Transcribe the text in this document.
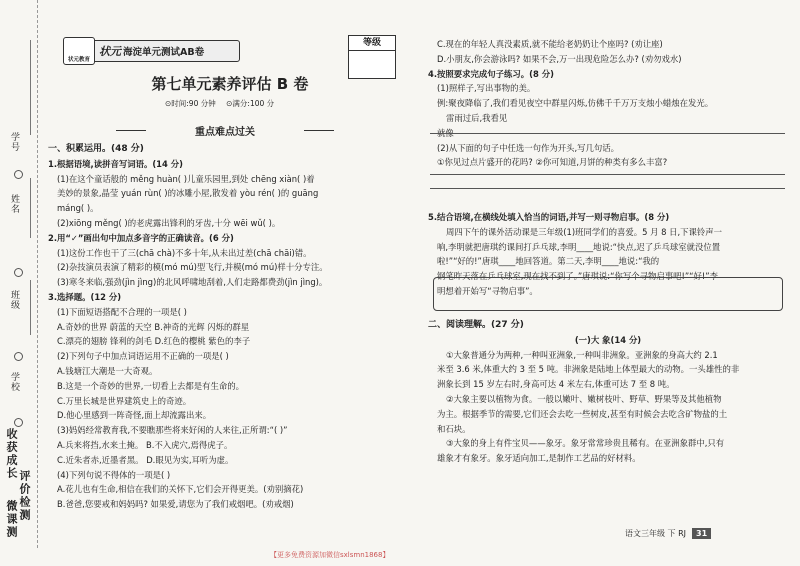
学号
姓名
班级
学校
收获成长
评价检测
微课测
状元教育
状元 海淀单元测试AB卷
等级
第七单元素养评估 B 卷
⊙时间:90 分钟 ⊙满分:100 分
重点难点过关
一、积累运用。(48 分)
1.根据语境,读拼音写词语。(14 分)
(1)在这个童话般的 měng huàn( )儿童乐园里,到处 chēng xiàn( )着
美妙的景象,晶莹 yuán rùn( )的冰雕小屋,散发着 yòu rén( )的 guāng
máng( )。
(2)xiōng měng( )的老虎露出锋利的牙齿,十分 wēi wǔ( )。
2.用“✓”画出句中加点多音字的正确读音。(6 分)
(1)这份工作也干了三(chā chà)不多十年,从未出过差(chā chāi)错。
(2)杂技演员表演了精彩的模(mó mú)型飞行,并模(mó mú)样十分专注。
(3)寒冬来临,强劲(jìn jìng)的北风呼啸地刮着,人们走路都费劲(jìn jìng)。
3.选择题。(12 分)
(1)下面短语搭配不合理的一项是( )
A.奇妙的世界 蔚蓝的天空 B.神奇的光辉 闪烁的群星
C.漂亮的翅膀 锋利的剑毛 D.红色的樱桃 紫色的李子
(2)下列句子中加点词语运用不正确的一项是( )
A.钱塘江大潮是一大奇观。
B.这是一个奇妙的世界,一切看上去都是有生命的。
C.万里长城是世界建筑史上的奇迹。
D.他心里感到一阵奇怪,面上却流露出来。
(3)妈妈经常教育我,不要瞧那些将来好闲的人来往,正所谓:“( )”
A.兵来将挡,水来土掩。 B.不入虎穴,焉得虎子。
C.近朱者赤,近墨者黑。 D.眼见为实,耳听为虚。
(4)下列句说不得体的一项是( )
A.花儿也有生命,相信在我们的关怀下,它们会开得更美。(劝别摘花)
B.爸爸,您要戒和妈妈吗? 如果爱,请您为了我们戒烟吧。(劝戒烟)
C.现在的年轻人真没素质,就不能给老奶奶让个座吗? (劝让座)
D.小朋友,你会游泳吗? 如果不会,万一出现危险怎么办? (劝勿戏水)
4.按照要求完成句子练习。(8 分)
(1)照样子,写出事物的美。
例:聚夜降临了,我们看见夜空中群星闪烁,仿佛千千万万支烛小蜡烛在发光。
雷雨过后,我看见
就像
(2)从下面的句子中任选一句作为开头,写几句话。
①你见过点片盛开的花吗? ②你可知道,月饼的种类有多么丰富?
5.结合语境,在横线处填入恰当的词语,并写一则寻物启事。(8 分)
周四下午的课外活动课是三年级(1)班同学们的喜爱。5 月 8 日,下课铃声一
响,李明就把唐琪约课间打乒乓球,李明____地说:“快点,迟了乒乓球室就没位置
啦!”“好的!”唐琪____地回答道。第二天,李明____地说:“我的
钢笔昨天落在乒乓球室,现在找不到了。”唐琪说:“你写个寻物启事吧!”“好!”李
明想着开始写“寻物启事”。
二、阅读理解。(27 分)
(一)大 象(14 分)
①大象普通分为两种,一种叫亚洲象,一种叫非洲象。亚洲象的身高大约 2.1
米至 3.6 米,体重大约 3 至 5 吨。非洲象是陆地上体型最大的动物。一头雄性的非
洲象长到 15 岁左右时,身高可达 4 米左右,体重可达 7 至 8 吨。
②大象主要以植物为食。一般以嫩叶、嫩树枝叶、野草、野果等及其他植物
为主。根据季节的需要,它们还会去吃一些树皮,甚至有时候会去吃含矿物盐的土
和石块。
③大象的身上有件宝贝——象牙。象牙常常珍贵且稀有。在亚洲象群中,只有
雄象才有象牙。象牙适向加工,是制作工艺品的好材料。
语文三年级 下 RJ 31
【更多免费资源加微信sxlsmn1868】
